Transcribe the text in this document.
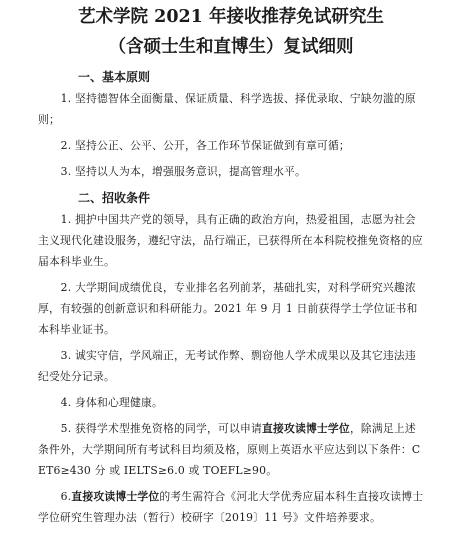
艺术学院 2021 年接收推荐免试研究生
（含硕士生和直博生）复试细则
一、基本原则

1. 坚持德智体全面衡量、保证质量、科学选拔、择优录取、宁缺勿滥的原则；

2. 坚持公正、公平、公开，各工作环节保证做到有章可循；

3. 坚持以人为本，增强服务意识，提高管理水平。

二、招收条件

1. 拥护中国共产党的领导，具有正确的政治方向，热爱祖国，志愿为社会主义现代化建设服务，遵纪守法，品行端正，已获得所在本科院校推免资格的应届本科毕业生。

2. 大学期间成绩优良，专业排名名列前茅，基础扎实，对科学研究兴趣浓厚，有较强的创新意识和科研能力。2021 年 9 月 1 日前获得学士学位证书和本科毕业证书。

3. 诚实守信，学风端正，无考试作弊、剽窃他人学术成果以及其它违法违纪受处分记录。

4. 身体和心理健康。

5. 获得学术型推免资格的同学，可以申请直接攻读博士学位，除满足上述条件外，大学期间所有考试科目均须及格，原则上英语水平应达到以下条件：CET6≥430 分 或 IELTS≥6.0 或 TOEFL≥90。

6.直接攻读博士学位的考生需符合《河北大学优秀应届本科生直接攻读博士学位研究生管理办法（暂行）校研字〔2019〕11 号》文件培养要求。
